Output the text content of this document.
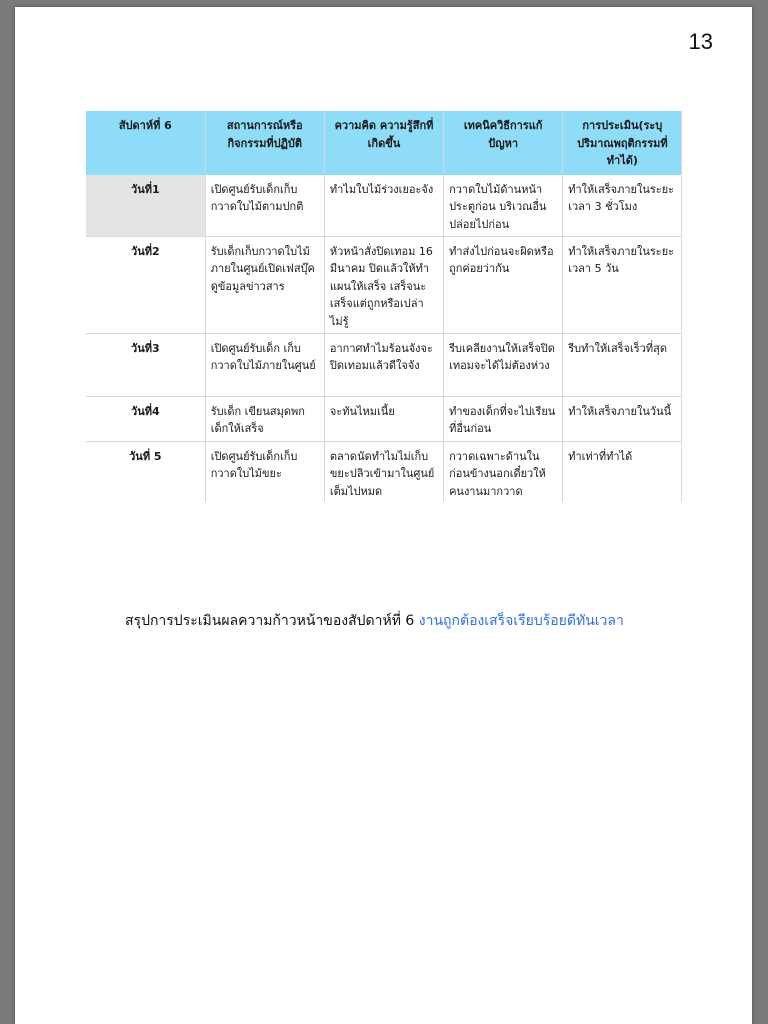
13
สัปดาห์ที่ 6	สถานการณ์หรือกิจกรรมที่ปฏิบัติ	ความคิด ความรู้สึกที่เกิดขึ้น	เทคนิควิธีการแก้ปัญหา	การประเมิน(ระบุปริมาณพฤติกรรมที่ทำได้)
วันที่1	เปิดศูนย์รับเด็กเก็บกวาดใบไม้ตามปกติ	ทำไมใบไม้ร่วงเยอะจัง	กวาดใบไม้ด้านหน้าประตูก่อน บริเวณอื่นปล่อยไปก่อน	ทำให้เสร็จภายในระยะเวลา 3 ชั่วโมง
วันที่2	รับเด็กเก็บกวาดใบไม้ภายในศูนย์เปิดเฟสบุ๊คดูข้อมูลข่าวสาร	หัวหน้าสั่งปิดเทอม 16 มีนาคม ปิดแล้วให้ทำแผนให้เสร็จ เสร็จนะเสร็จแต่ถูกหรือเปล่าไม่รู้	ทำส่งไปก่อนจะผิดหรือถูกค่อยว่ากัน	ทำให้เสร็จภายในระยะเวลา 5 วัน
วันที่3	เปิดศูนย์รับเด็ก เก็บกวาดใบไม้ภายในศูนย์	อากาศทำไมร้อนจังจะปิดเทอมแล้วดีใจจัง	รีบเคลียงานให้เสร็จปิดเทอมจะได้ไม่ต้องห่วง	รีบทำให้เสร็จเร็วที่สุด
วันที่4	รับเด็ก เขียนสมุดพกเด็กให้เสร็จ	จะทันไหมเนี้ย	ทำของเด็กที่จะไปเรียนที่อื่นก่อน	ทำให้เสร็จภายในวันนี้
วันที่ 5	เปิดศูนย์รับเด็กเก็บกวาดใบไม้ขยะ	ตลาดนัดทำไมไม่เก็บขยะปลิวเข้ามาในศูนย์เต็มไปหมด	กวาดเฉพาะด้านในก่อนข้างนอกเดี๋ยวให้คนงานมากวาด	ทำเท่าที่ทำได้
สรุปการประเมินผลความก้าวหน้าของสัปดาห์ที่ 6 งานถูกต้องเสร็จเรียบร้อยดีทันเวลา
